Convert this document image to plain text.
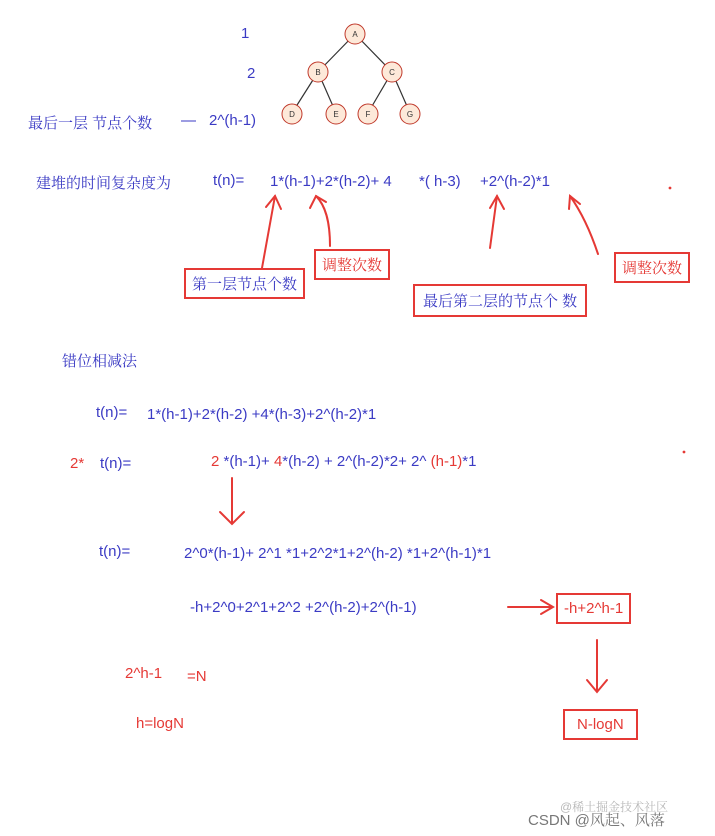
A
B	C
D	E	F	G
1
2
最后一层 节点个数 — 2^(h-1)
建堆的时间复杂度为	t(n)= 1*(h-1)+2*(h-2)+ 4 *( h-3) +2^(h-2)*1
调整次数
第一层节点个数
调整次数
最后第二层的节点个 数
错位相减法
t(n)= 1*(h-1)+2*(h-2) +4*(h-3)+2^(h-2)*1
2* t(n)=	2 *(h-1)+ 4*(h-2) + 2^(h-2)*2+ 2^ (h-1)*1
t(n)=	2^0*(h-1)+ 2^1 *1+2^2*1+2^(h-2) *1+2^(h-1)*1
-h+2^0+2^1+2^2 +2^(h-2)+2^(h-1)	-h+2^h-1
2^h-1 =N
h=logN	N-logN
@稀土掘金技术社区
CSDN @风起、风落
